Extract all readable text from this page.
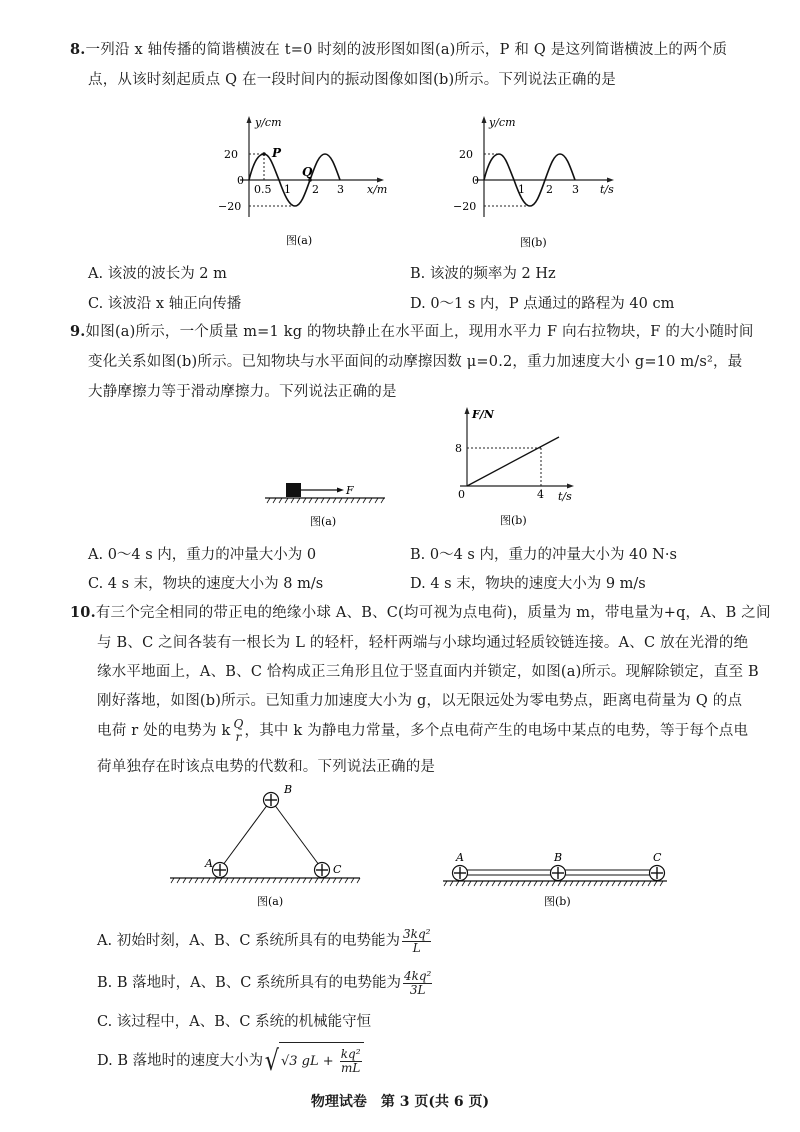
8.一列沿 x 轴传播的简谐横波在 t=0 时刻的波形图如图(a)所示，P 和 Q 是这列简谐横波上的两个质
点，从该时刻起质点 Q 在一段时间内的振动图像如图(b)所示。下列说法正确的是
y/cm
20
0
−20
0.5 1 2 3 x/m
P
Q
图(a)
y/cm
20
0
−20
1 2 3 t/s
图(b)
A. 该波的波长为 2 m	B. 该波的频率为 2 Hz
C. 该波沿 x 轴正向传播	D. 0～1 s 内，P 点通过的路程为 40 cm
9.如图(a)所示，一个质量 m=1 kg 的物块静止在水平面上，现用水平力 F 向右拉物块，F 的大小随时间
变化关系如图(b)所示。已知物块与水平面间的动摩擦因数 μ=0.2，重力加速度大小 g=10 m/s²，最
大静摩擦力等于滑动摩擦力。下列说法正确的是
F
图(a)
F/N
8
0	4 t/s
图(b)
A. 0～4 s 内，重力的冲量大小为 0	B. 0～4 s 内，重力的冲量大小为 40 N·s
C. 4 s 末，物块的速度大小为 8 m/s	D. 4 s 末，物块的速度大小为 9 m/s
10.有三个完全相同的带正电的绝缘小球 A、B、C(均可视为点电荷)，质量为 m，带电量为+q，A、B 之间
与 B、C 之间各装有一根长为 L 的轻杆，轻杆两端与小球均通过轻质铰链连接。A、C 放在光滑的绝
缘水平地面上，A、B、C 恰构成正三角形且位于竖直面内并锁定，如图(a)所示。现解除锁定，直至 B
刚好落地，如图(b)所示。已知重力加速度大小为 g，以无限远处为零电势点，距离电荷量为 Q 的点
电荷 r 处的电势为 k Q
r ，其中 k 为静电力常量，多个点电荷产生的电场中某点的电势，等于每个点电
荷单独存在时该点电势的代数和。下列说法正确的是
A
B
C
图(a)
A	B	C
图(b)
A. 初始时刻，A、B、C 系统所具有的电势能为 $\frac{\text{3kq²}}{L}$
B. B 落地时，A、B、C 系统所具有的电势能为 $\frac{\text{4kq²}}{3L}$
C. 该过程中，A、B、C 系统的机械能守恒
D. B 落地时的速度大小为√ √3 gL + $\frac{\text{kq²}}{mL}$
物理试卷　第 3 页(共 6 页)
